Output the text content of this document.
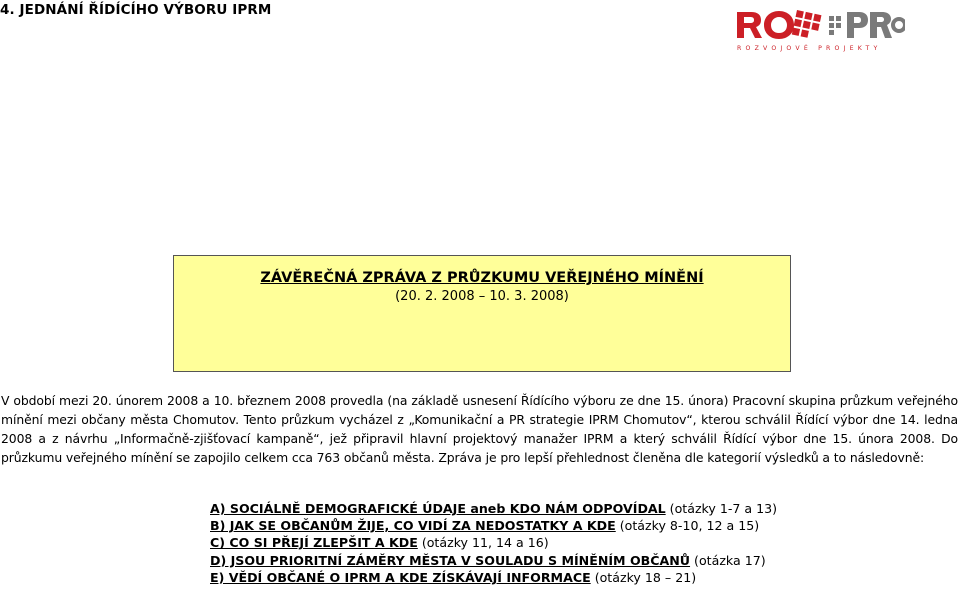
4. JEDNÁNÍ ŘÍDÍCÍHO VÝBORU IPRM
ROZVOJOVÉ PROJEKTY
ZÁVĚREČNÁ ZPRÁVA Z PRŮZKUMU VEŘEJNÉHO MÍNĚNÍ
(20. 2. 2008 – 10. 3. 2008)
V období mezi 20. únorem 2008 a 10. březnem 2008 provedla (na základě usnesení Řídícího výboru ze dne 15. února) Pracovní skupina průzkum veřejného mínění mezi občany města Chomutov. Tento průzkum vycházel z „Komunikační a PR strategie IPRM Chomutov“, kterou schválil Řídící výbor dne 14. ledna 2008 a z návrhu „Informačně-zjišťovací kampaně“, jež připravil hlavní projektový manažer IPRM a který schválil Řídící výbor dne 15. února 2008. Do průzkumu veřejného mínění se zapojilo celkem cca 763 občanů města. Zpráva je pro lepší přehlednost členěna dle kategorií výsledků a to následovně:
A) SOCIÁLNĚ DEMOGRAFICKÉ ÚDAJE aneb KDO NÁM ODPOVÍDAL (otázky 1-7 a 13)
B) JAK SE OBČANŮM ŽIJE, CO VIDÍ ZA NEDOSTATKY A KDE (otázky 8-10, 12 a 15)
C) CO SI PŘEJÍ ZLEPŠIT A KDE (otázky 11, 14 a 16)
D) JSOU PRIORITNÍ ZÁMĚRY MĚSTA V SOULADU S MÍNĚNÍM OBČANŮ (otázka 17)
E) VĚDÍ OBČANÉ O IPRM A KDE ZÍSKÁVAJÍ INFORMACE (otázky 18 – 21)
